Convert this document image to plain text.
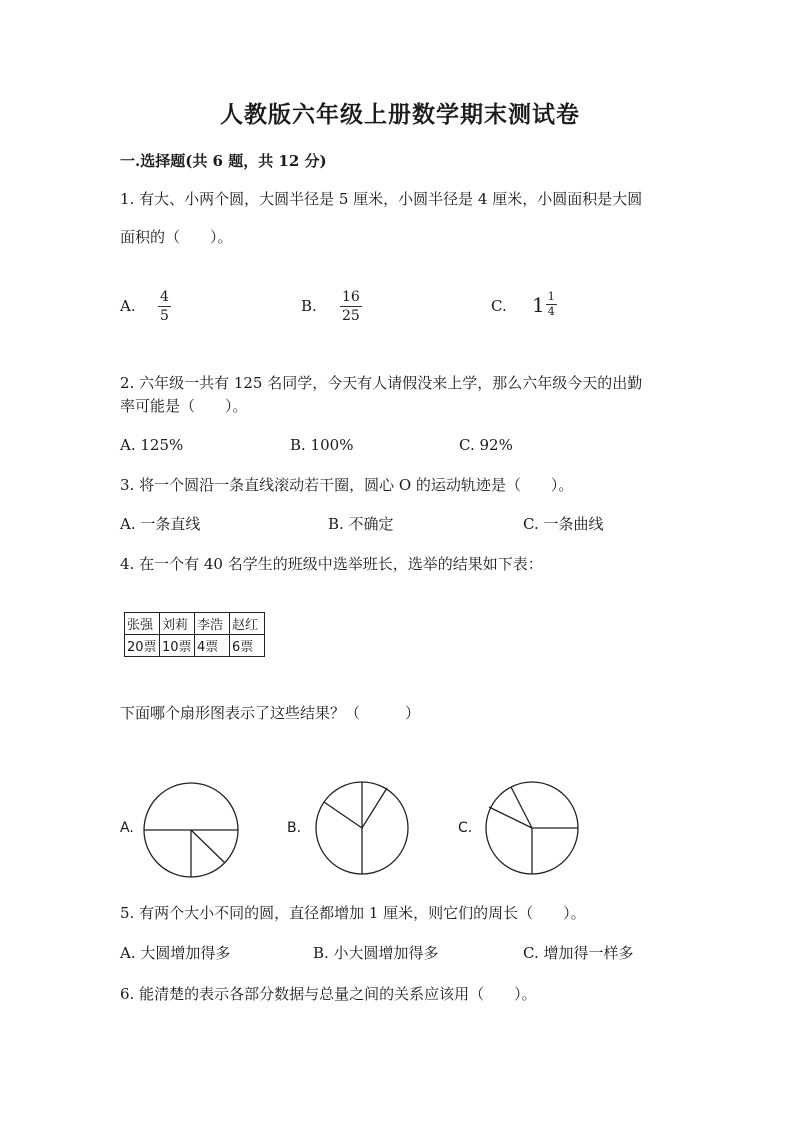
人教版六年级上册数学期末测试卷
一.选择题(共 6 题，共 12 分)
1. 有大、小两个圆，大圆半径是 5 厘米，小圆半径是 4 厘米，小圆面积是大圆
面积的（　　）。
A. $\frac{4}{5}$	B. $\frac{16}{25}$	C. $1 \frac{1}{4}$
2. 六年级一共有 125 名同学，今天有人请假没来上学，那么六年级今天的出勤
率可能是（　　）。
A. 125%	B. 100%	C. 92%
3. 将一个圆沿一条直线滚动若干圈，圆心 O 的运动轨迹是（　　）。
A. 一条直线	B. 不确定	C. 一条曲线
4. 在一个有 40 名学生的班级中选举班长，选举的结果如下表：
张强	刘莉	李浩	赵红
20票	10票	4票	6票
下面哪个扇形图表示了这些结果？（　　　）
A.	B.	C.
5. 有两个大小不同的圆，直径都增加 1 厘米，则它们的周长（　　）。
A. 大圆增加得多	B. 小大圆增加得多	C. 增加得一样多
6. 能清楚的表示各部分数据与总量之间的关系应该用（　　）。
